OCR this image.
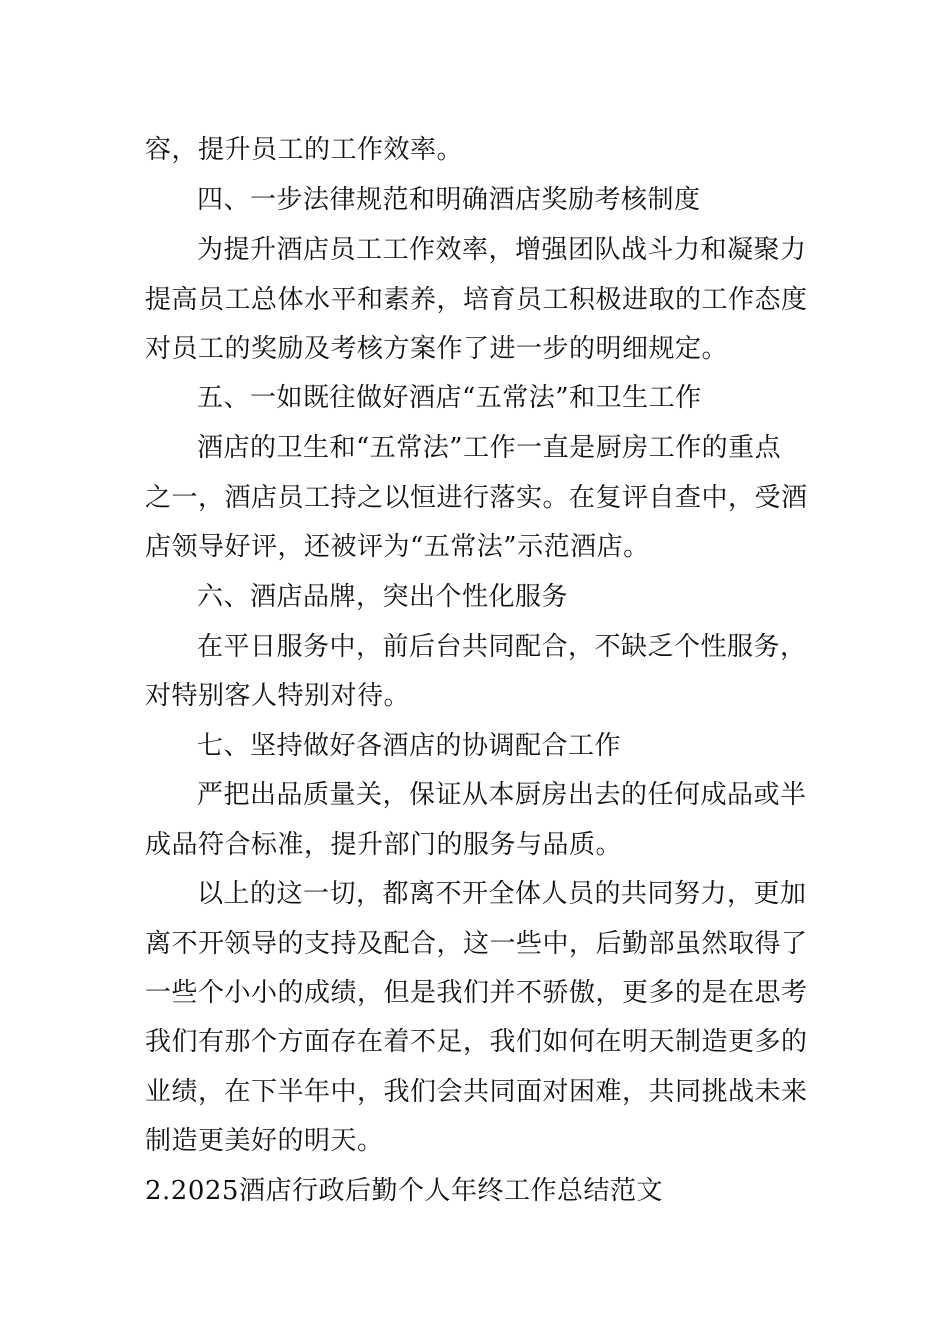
容，提升员工的工作效率。
四、一步法律规范和明确酒店奖励考核制度
为提升酒店员工工作效率，增强团队战斗力和凝聚力
提高员工总体水平和素养，培育员工积极进取的工作态度
对员工的奖励及考核方案作了进一步的明细规定。
五、一如既往做好酒店“五常法”和卫生工作
酒店的卫生和“五常法”工作一直是厨房工作的重点
之一，酒店员工持之以恒进行落实。在复评自查中，受酒
店领导好评，还被评为“五常法”示范酒店。
六、酒店品牌，突出个性化服务
在平日服务中，前后台共同配合，不缺乏个性服务，
对特别客人特别对待。
七、坚持做好各酒店的协调配合工作
严把出品质量关，保证从本厨房出去的任何成品或半
成品符合标准，提升部门的服务与品质。
以上的这一切，都离不开全体人员的共同努力，更加
离不开领导的支持及配合，这一些中，后勤部虽然取得了
一些个小小的成绩，但是我们并不骄傲，更多的是在思考
我们有那个方面存在着不足，我们如何在明天制造更多的
业绩，在下半年中，我们会共同面对困难，共同挑战未来
制造更美好的明天。
2.2025酒店行政后勤个人年终工作总结范文
